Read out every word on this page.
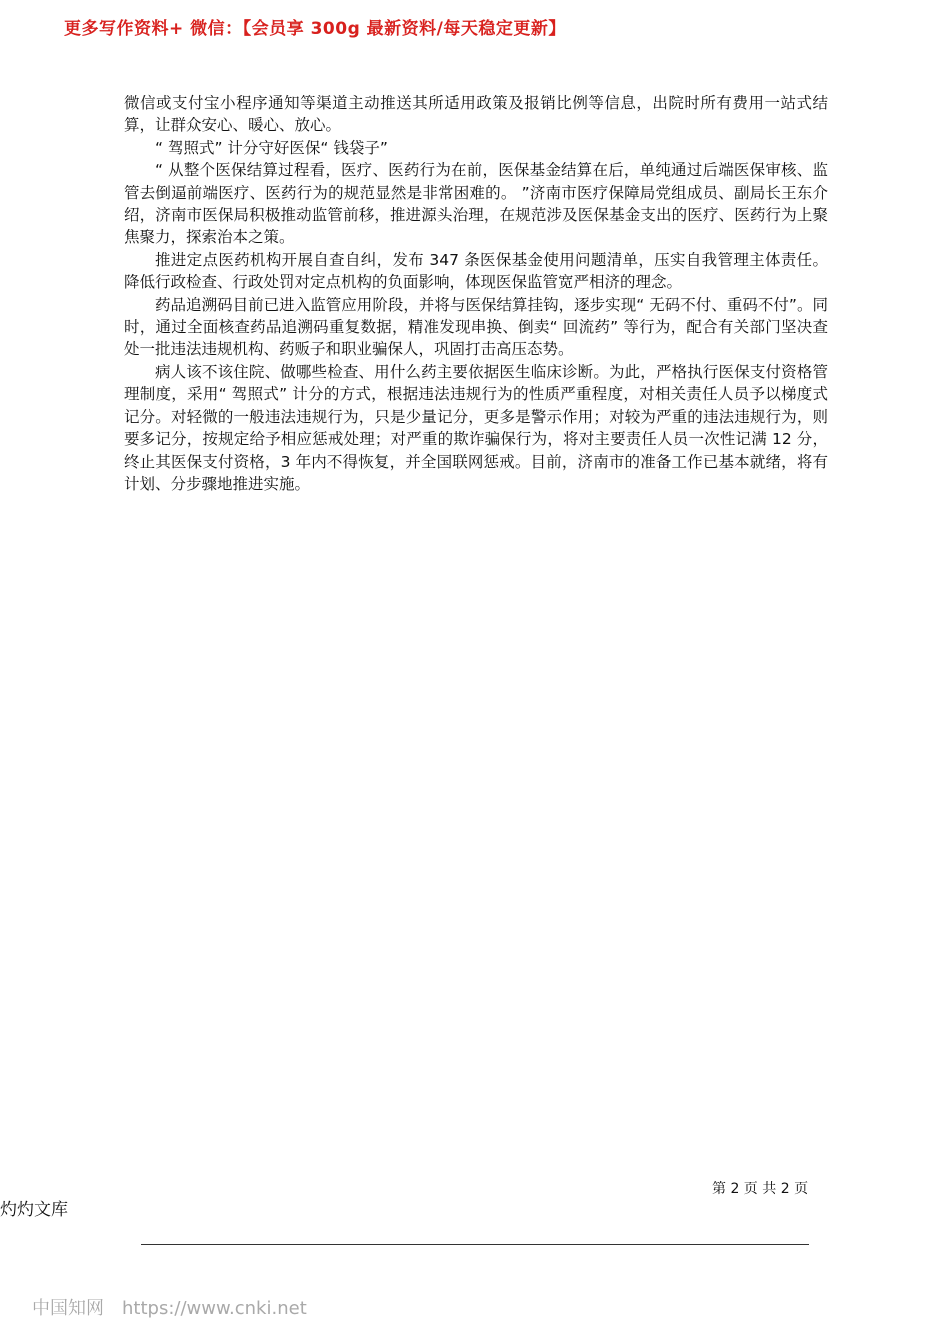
更多写作资料+ 微信：【会员享 300g 最新资料/每天稳定更新】

微信或支付宝小程序通知等渠道主动推送其所适用政策及报销比例等信息，出院时所有费用一站式结算，让群众安心、暖心、放心。

“ 驾照式” 计分守好医保“ 钱袋子”

“ 从整个医保结算过程看，医疗、医药行为在前，医保基金结算在后，单纯通过后端医保审核、监管去倒逼前端医疗、医药行为的规范显然是非常困难的。 ”济南市医疗保障局党组成员、副局长王东介绍，济南市医保局积极推动监管前移，推进源头治理，在规范涉及医保基金支出的医疗、医药行为上聚焦聚力，探索治本之策。

推进定点医药机构开展自查自纠，发布 347 条医保基金使用问题清单，压实自我管理主体责任。降低行政检查、行政处罚对定点机构的负面影响，体现医保监管宽严相济的理念。

药品追溯码目前已进入监管应用阶段，并将与医保结算挂钩，逐步实现“ 无码不付、重码不付”。同时，通过全面核查药品追溯码重复数据，精准发现串换、倒卖“ 回流药” 等行为，配合有关部门坚决查处一批违法违规机构、药贩子和职业骗保人，巩固打击高压态势。

病人该不该住院、做哪些检查、用什么药主要依据医生临床诊断。为此，严格执行医保支付资格管理制度，采用“ 驾照式” 计分的方式，根据违法违规行为的性质严重程度，对相关责任人员予以梯度式记分。对轻微的一般违法违规行为，只是少量记分，更多是警示作用；对较为严重的违法违规行为，则要多记分，按规定给予相应惩戒处理；对严重的欺诈骗保行为，将对主要责任人员一次性记满 12 分，终止其医保支付资格，3 年内不得恢复，并全国联网惩戒。目前，济南市的准备工作已基本就绪，将有计划、分步骤地推进实施。

第 2 页 共 2 页
灼灼文库
中国知网 https://www.cnki.net
